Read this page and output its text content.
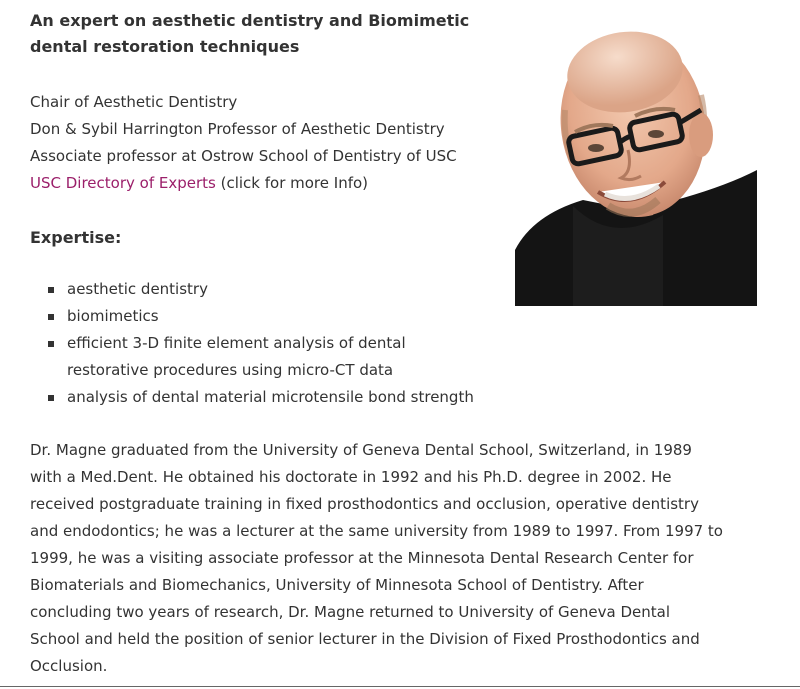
An expert on aesthetic dentistry and Biomimetic
dental restoration techniques
Chair of Aesthetic Dentistry
Don & Sybil Harrington Professor of Aesthetic Dentistry
Associate professor at Ostrow School of Dentistry of USC
USC Directory of Experts (click for more Info)
Expertise:
aesthetic dentistry
biomimetics
efficient 3-D finite element analysis of dental
restorative procedures using micro-CT data
analysis of dental material microtensile bond strength
Dr. Magne graduated from the University of Geneva Dental School, Switzerland, in 1989
with a Med.Dent. He obtained his doctorate in 1992 and his Ph.D. degree in 2002. He
received postgraduate training in fixed prosthodontics and occlusion, operative dentistry
and endodontics; he was a lecturer at the same university from 1989 to 1997. From 1997 to
1999, he was a visiting associate professor at the Minnesota Dental Research Center for
Biomaterials and Biomechanics, University of Minnesota School of Dentistry. After
concluding two years of research, Dr. Magne returned to University of Geneva Dental
School and held the position of senior lecturer in the Division of Fixed Prosthodontics and
Occlusion.
